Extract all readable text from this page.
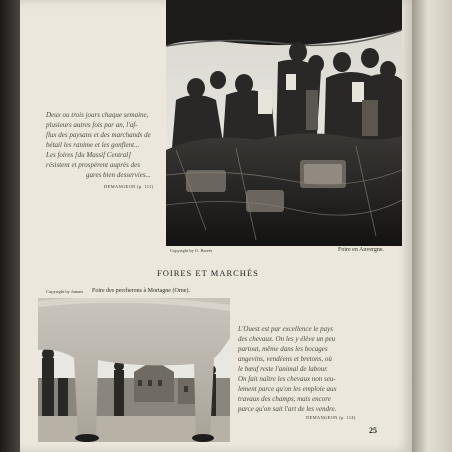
Copyright by G. Barrès	Foire en Auvergne.
Deux ou trois jours chaque semaine,
plusieurs autres fois par an, l'af-
flux des paysans et des marchands de
bétail les ranime et les gonflent...
Les foires [du Massif Central]
résistent et prospèrent auprès des
gares bien desservies...
DEMANGEON (p. 111)
FOIRES ET MARCHÉS
Copyright by Jamais Foire des percherons à Mortagne (Orne).
L'Ouest est par excellence le pays
des chevaux. On les y élève un peu
partout, même dans les bocages
angevins, vendéens et bretons, où
le bœuf reste l'animal de labour.
On fait naître les chevaux non seu-
lement parce qu'on les emploie aux
travaux des champs, mais encore
parce qu'on sait l'art de les vendre.
DEMANGEON (p. 114)
25
